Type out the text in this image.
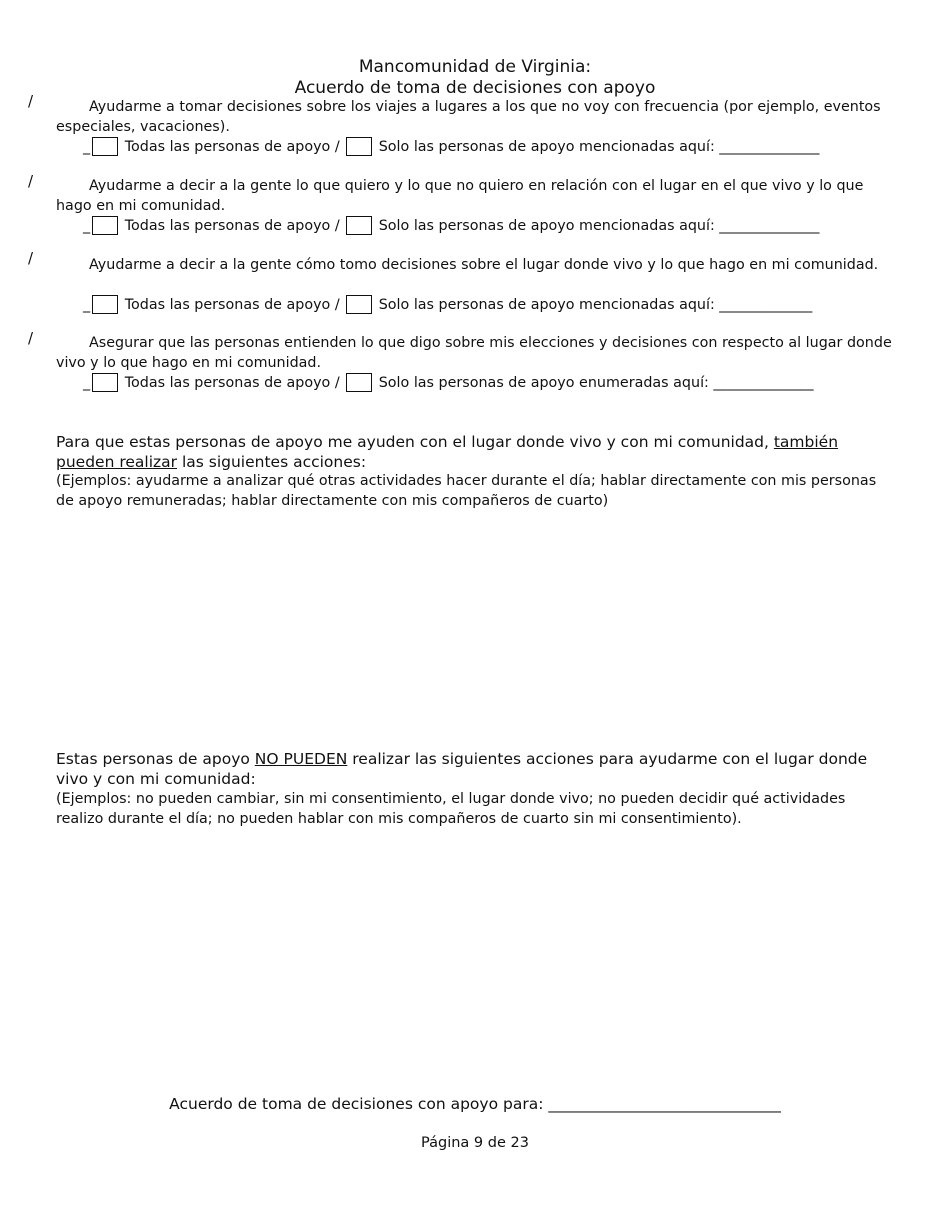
Mancomunidad de Virginia:
Acuerdo de toma de decisiones con apoyo
/	Ayudarme a tomar decisiones sobre los viajes a lugares a los que no voy con frecuencia (por ejemplo, eventos especiales, vacaciones).
_ Todas las personas de apoyo /	Solo las personas de apoyo mencionadas aquí: ______________
/	Ayudarme a decir a la gente lo que quiero y lo que no quiero en relación con el lugar en el que vivo y lo que hago en mi comunidad.
_ Todas las personas de apoyo /	Solo las personas de apoyo mencionadas aquí: ______________
/	Ayudarme a decir a la gente cómo tomo decisiones sobre el lugar donde vivo y lo que hago en mi comunidad.
_ Todas las personas de apoyo /	Solo las personas de apoyo mencionadas aquí: _____________
/	Asegurar que las personas entienden lo que digo sobre mis elecciones y decisiones con respecto al lugar donde vivo y lo que hago en mi comunidad.
_ Todas las personas de apoyo /	Solo las personas de apoyo enumeradas aquí: ______________
Para que estas personas de apoyo me ayuden con el lugar donde vivo y con mi comunidad, también pueden realizar las siguientes acciones:
(Ejemplos: ayudarme a analizar qué otras actividades hacer durante el día; hablar directamente con mis personas de apoyo remuneradas; hablar directamente con mis compañeros de cuarto)
Estas personas de apoyo NO PUEDEN realizar las siguientes acciones para ayudarme con el lugar donde vivo y con mi comunidad:
(Ejemplos: no pueden cambiar, sin mi consentimiento, el lugar donde vivo; no pueden decidir qué actividades realizo durante el día; no pueden hablar con mis compañeros de cuarto sin mi consentimiento).
Acuerdo de toma de decisiones con apoyo para: ______________________________
Página 9 de 23
